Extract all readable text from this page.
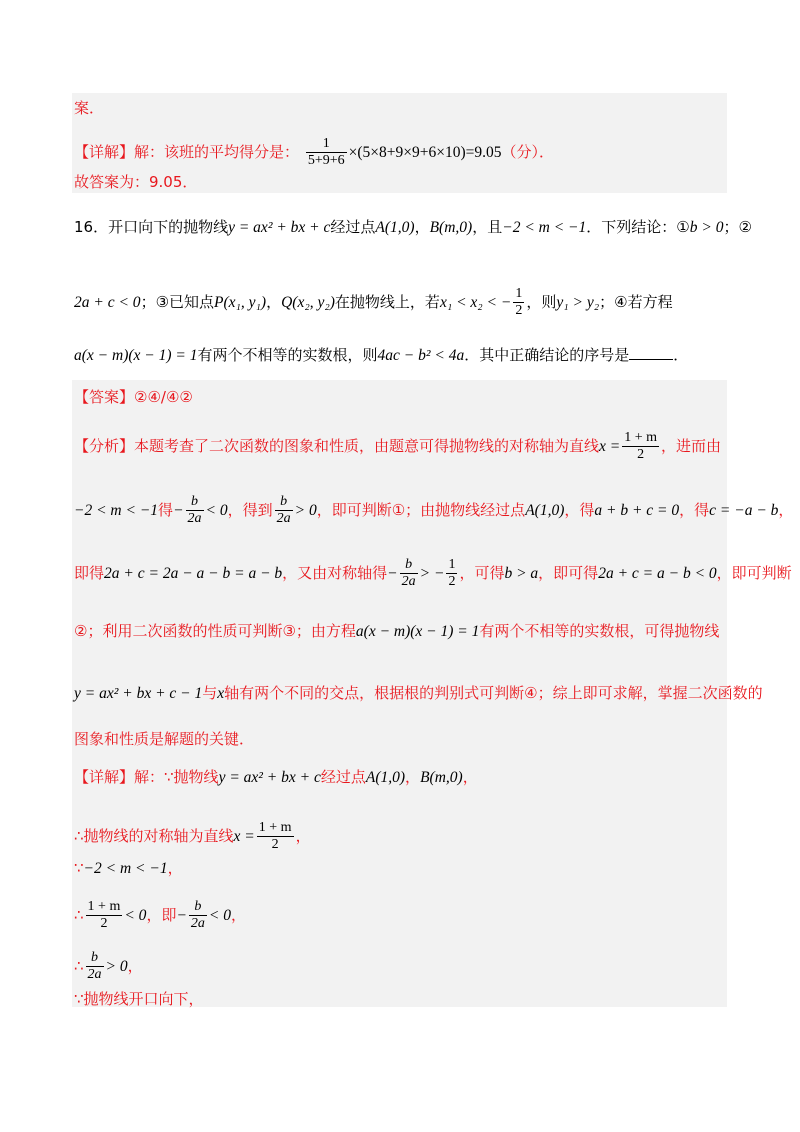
案．
【详解】解：该班的平均得分是： $\frac{1}{5+9+6} \times(5\times 8+9\times 9+6\times 10)=9.05$（分）．
故答案为：9.05．
16．开口向下的抛物线y = ax² + bx + c经过点A(1,0)，B(m,0)，且−2 < m < −1．下列结论：①b > 0；②
2a + c < 0；③已知点P(x₁, y₁)，Q(x₂, y₂)在抛物线上，若x₁ < x₂ < − $\frac{1}{2}$ ，则y₁ > y₂；④若方程
a(x − m)(x − 1) = 1有两个不相等的实数根，则4ac − b² < 4a．其中正确结论的序号是	．
【答案】②④/④②
【分析】本题考查了二次函数的图象和性质，由题意可得抛物线的对称轴为直线$x = \frac{1 + m}{2}$ ，进而由
−2 < m < −1得− $\frac{b}{2a} < 0$，得到 $\frac{b}{2a} > 0$，即可判断①；由抛物线经过点A(1,0)，得a + b + c = 0，得c = −a − b，
即得2a + c = 2a − a − b = a − b，又由对称轴得− $\frac{b}{2a}$ > − $\frac{1}{2}$ ，可得b > a，即可得2a + c = a − b < 0，即可判断
②；利用二次函数的性质可判断③；由方程a(x − m)(x − 1) = 1有两个不相等的实数根，可得抛物线
y = ax² + bx + c − 1与x轴有两个不同的交点，根据根的判别式可判断④；综上即可求解，掌握二次函数的
图象和性质是解题的关键．
【详解】解：∵抛物线y = ax² + bx + c经过点A(1,0)，B(m,0)，
∴抛物线的对称轴为直线$x = \frac{1 + m}{2}$ ，
∵−2 < m < −1，
∴ $\frac{1 + m}{2} < 0$，即− $\frac{b}{2a} < 0$，
∴ $\frac{b}{2a} > 0$，
∵抛物线开口向下，
